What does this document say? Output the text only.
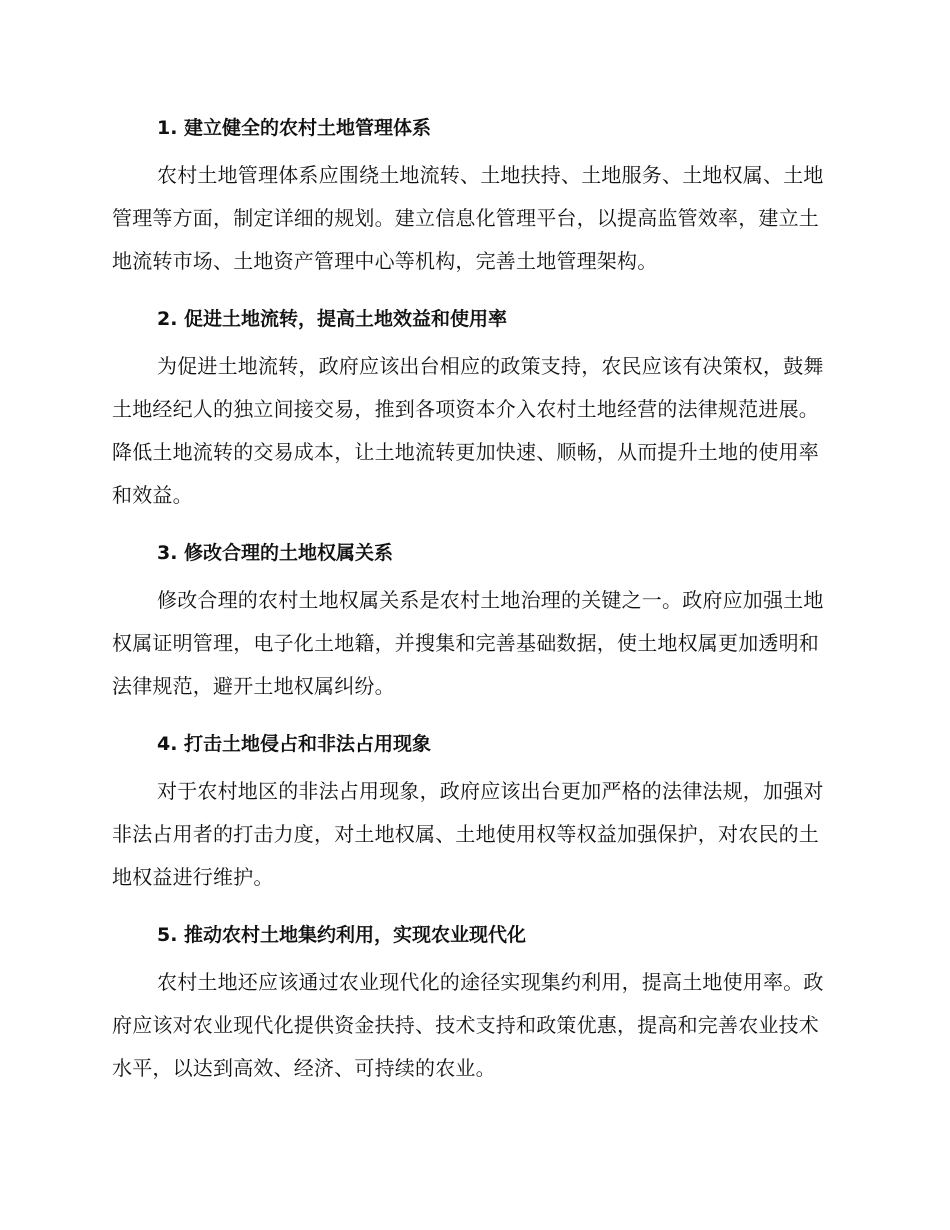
1. 建立健全的农村土地管理体系

农村土地管理体系应围绕土地流转、土地扶持、土地服务、土地权属、土地管理等方面，制定详细的规划。建立信息化管理平台，以提高监管效率，建立土地流转市场、土地资产管理中心等机构，完善土地管理架构。

2. 促进土地流转，提高土地效益和使用率

为促进土地流转，政府应该出台相应的政策支持，农民应该有决策权，鼓舞土地经纪人的独立间接交易，推到各项资本介入农村土地经营的法律规范进展。降低土地流转的交易成本，让土地流转更加快速、顺畅，从而提升土地的使用率和效益。

3. 修改合理的土地权属关系

修改合理的农村土地权属关系是农村土地治理的关键之一。政府应加强土地权属证明管理，电子化土地籍，并搜集和完善基础数据，使土地权属更加透明和法律规范，避开土地权属纠纷。

4. 打击土地侵占和非法占用现象

对于农村地区的非法占用现象，政府应该出台更加严格的法律法规，加强对非法占用者的打击力度，对土地权属、土地使用权等权益加强保护，对农民的土地权益进行维护。

5. 推动农村土地集约利用，实现农业现代化

农村土地还应该通过农业现代化的途径实现集约利用，提高土地使用率。政府应该对农业现代化提供资金扶持、技术支持和政策优惠，提高和完善农业技术水平，以达到高效、经济、可持续的农业。
